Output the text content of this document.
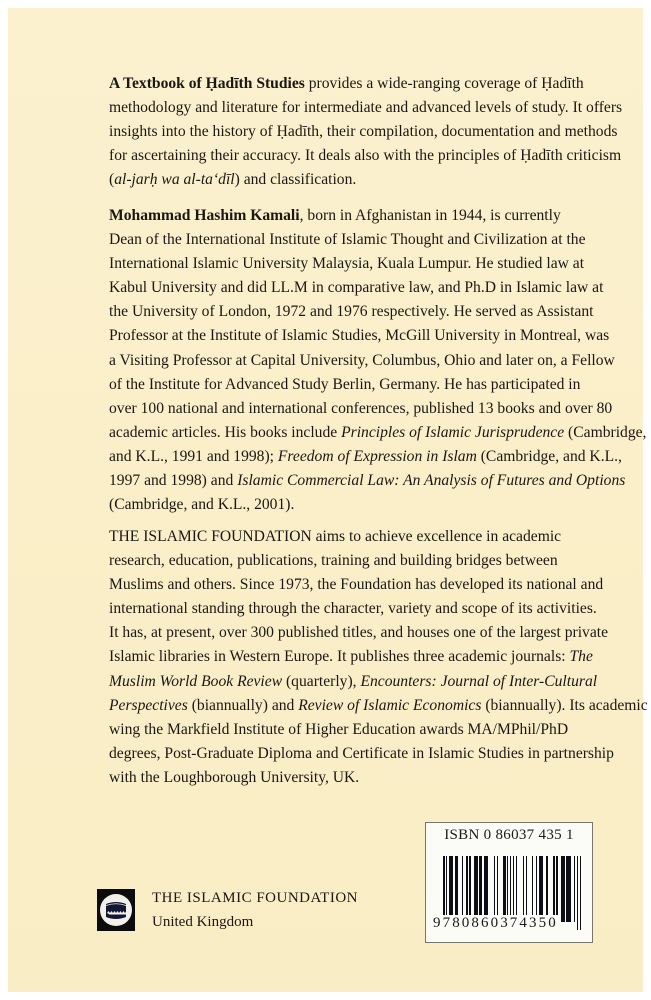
A Textbook of Ḥadīth Studies provides a wide-ranging coverage of Ḥadīth
methodology and literature for intermediate and advanced levels of study. It offers
insights into the history of Ḥadīth, their compilation, documentation and methods
for ascertaining their accuracy. It deals also with the principles of Ḥadīth criticism
(al-jarḥ wa al-ta‘dīl) and classification.
Mohammad Hashim Kamali, born in Afghanistan in 1944, is currently
Dean of the International Institute of Islamic Thought and Civilization at the
International Islamic University Malaysia, Kuala Lumpur. He studied law at
Kabul University and did LL.M in comparative law, and Ph.D in Islamic law at
the University of London, 1972 and 1976 respectively. He served as Assistant
Professor at the Institute of Islamic Studies, McGill University in Montreal, was
a Visiting Professor at Capital University, Columbus, Ohio and later on, a Fellow
of the Institute for Advanced Study Berlin, Germany. He has participated in
over 100 national and international conferences, published 13 books and over 80
academic articles. His books include Principles of Islamic Jurisprudence (Cambridge,
and K.L., 1991 and 1998); Freedom of Expression in Islam (Cambridge, and K.L.,
1997 and 1998) and Islamic Commercial Law: An Analysis of Futures and Options
(Cambridge, and K.L., 2001).
THE ISLAMIC FOUNDATION aims to achieve excellence in academic
research, education, publications, training and building bridges between
Muslims and others. Since 1973, the Foundation has developed its national and
international standing through the character, variety and scope of its activities.
It has, at present, over 300 published titles, and houses one of the largest private
Islamic libraries in Western Europe. It publishes three academic journals: The
Muslim World Book Review (quarterly), Encounters: Journal of Inter-Cultural
Perspectives (biannually) and Review of Islamic Economics (biannually). Its academic
wing the Markfield Institute of Higher Education awards MA/MPhil/PhD
degrees, Post-Graduate Diploma and Certificate in Islamic Studies in partnership
with the Loughborough University, UK.
THE ISLAMIC FOUNDATION
United Kingdom
ISBN 0 86037 435 1
9780860374350
